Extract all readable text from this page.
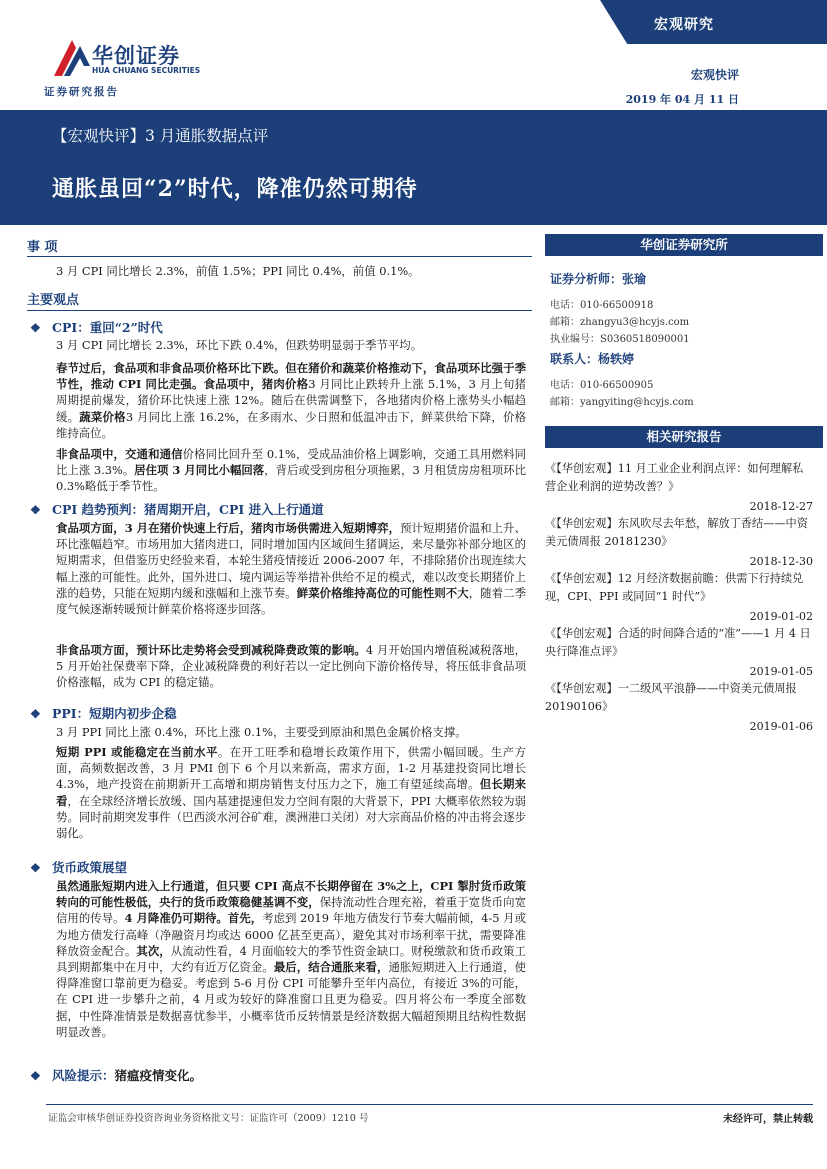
宏观研究
华创证券
HUA CHUANG SECURITIES
证券研究报告
宏观快评
2019 年 04 月 11 日
【宏观快评】3 月通胀数据点评
通胀虽回“2”时代，降准仍然可期待
事 项
3 月 CPI 同比增长 2.3%，前值 1.5%；PPI 同比 0.4%，前值 0.1%。
主要观点
❖ CPI：重回“2”时代
3 月 CPI 同比增长 2.3%，环比下跌 0.4%，但跌势明显弱于季节平均。
春节过后，食品项和非食品项价格环比下跌。但在猪价和蔬菜价格推动下，食品项环比强于季节性，推动 CPI 同比走强。食品项中，猪肉价格3 月同比止跌转升上涨 5.1%，3 月上旬猪周期提前爆发，猪价环比快速上涨 12%。随后在供需调整下，各地猪肉价格上涨势头小幅趋缓。蔬菜价格3 月同比上涨 16.2%，在多雨水、少日照和低温冲击下，鲜菜供给下降，价格维持高位。
非食品项中，交通和通信价格同比回升至 0.1%，受成品油价格上调影响，交通工具用燃料同比上涨 3.3%。居住项 3 月同比小幅回落，背后或受到房租分项拖累，3 月租赁房房租项环比 0.3%略低于季节性。
❖ CPI 趋势预判：猪周期开启，CPI 进入上行通道
食品项方面，3 月在猪价快速上行后，猪肉市场供需进入短期博弈，预计短期猪价温和上升、环比涨幅趋窄。市场用加大猪肉进口，同时增加国内区域间生猪调运，来尽量弥补部分地区的短期需求，但借鉴历史经验来看，本轮生猪疫情接近 2006-2007 年，不排除猪价出现连续大幅上涨的可能性。此外，国外进口、境内调运等举措补供给不足的模式，难以改变长期猪价上涨的趋势，只能在短期内缓和涨幅和上涨节奏。鲜菜价格维持高位的可能性则不大，随着二季度气候逐渐转暖预计鲜菜价格将逐步回落。
非食品项方面，预计环比走势将会受到减税降费政策的影响。4 月开始国内增值税减税落地，5 月开始社保费率下降，企业减税降费的利好若以一定比例向下游价格传导，将压低非食品项价格涨幅，成为 CPI 的稳定锚。
❖ PPI：短期内初步企稳
3 月 PPI 同比上涨 0.4%，环比上涨 0.1%，主要受到原油和黑色金属价格支撑。
短期 PPI 或能稳定在当前水平。在开工旺季和稳增长政策作用下，供需小幅回暖。生产方面，高频数据改善，3 月 PMI 创下 6 个月以来新高，需求方面，1-2 月基建投资同比增长 4.3%，地产投资在前期新开工高增和期房销售支付压力之下，施工有望延续高增。但长期来看，在全球经济增长放缓、国内基建提速但发力空间有限的大背景下，PPI 大概率依然较为弱势。同时前期突发事件（巴西淡水河谷矿难，澳洲港口关闭）对大宗商品价格的冲击将会逐步弱化。
❖ 货币政策展望
虽然通胀短期内进入上行通道，但只要 CPI 高点不长期停留在 3%之上，CPI 掣肘货币政策转向的可能性极低，央行的货币政策稳健基调不变，保持流动性合理充裕，着重于宽货币向宽信用的传导。4 月降准仍可期待。首先，考虑到 2019 年地方债发行节奏大幅前倾，4-5 月或为地方债发行高峰（净融资月均或达 6000 亿甚至更高），避免其对市场利率干扰，需要降准释放资金配合。其次，从流动性看，4 月面临较大的季节性资金缺口。财税缴款和货币政策工具到期都集中在月中，大约有近万亿资金。最后，结合通胀来看，通胀短期进入上行通道，使得降准窗口靠前更为稳妥。考虑到 5-6 月份 CPI 可能攀升至年内高位，有接近 3%的可能，在 CPI 进一步攀升之前，4 月或为较好的降准窗口且更为稳妥。四月将公布一季度全部数据，中性降准情景是数据喜忧参半，小概率货币反转情景是经济数据大幅超预期且结构性数据明显改善。
❖ 风险提示：猪瘟疫情变化。
华创证券研究所
证券分析师：张瑜
电话：010-66500918
邮箱：zhangyu3@hcyjs.com
执业编号：S0360518090001
联系人：杨轶婷
电话：010-66500905
邮箱：yangyiting@hcyjs.com
相关研究报告
《【华创宏观】11 月工业企业利润点评：如何理解私营企业利润的逆势改善？》
2018-12-27
《【华创宏观】东风吹尽去年愁，解放丁香结——中资美元债周报 20181230》
2018-12-30
《【华创宏观】12 月经济数据前瞻：供需下行持续兑现，CPI、PPI 或同回“1 时代”》
2019-01-02
《【华创宏观】合适的时间降合适的“准”——1 月 4 日央行降准点评》
2019-01-05
《【华创宏观】一二级风平浪静——中资美元债周报 20190106》
2019-01-06
证监会审核华创证券投资咨询业务资格批文号：证监许可（2009）1210 号	未经许可，禁止转载
